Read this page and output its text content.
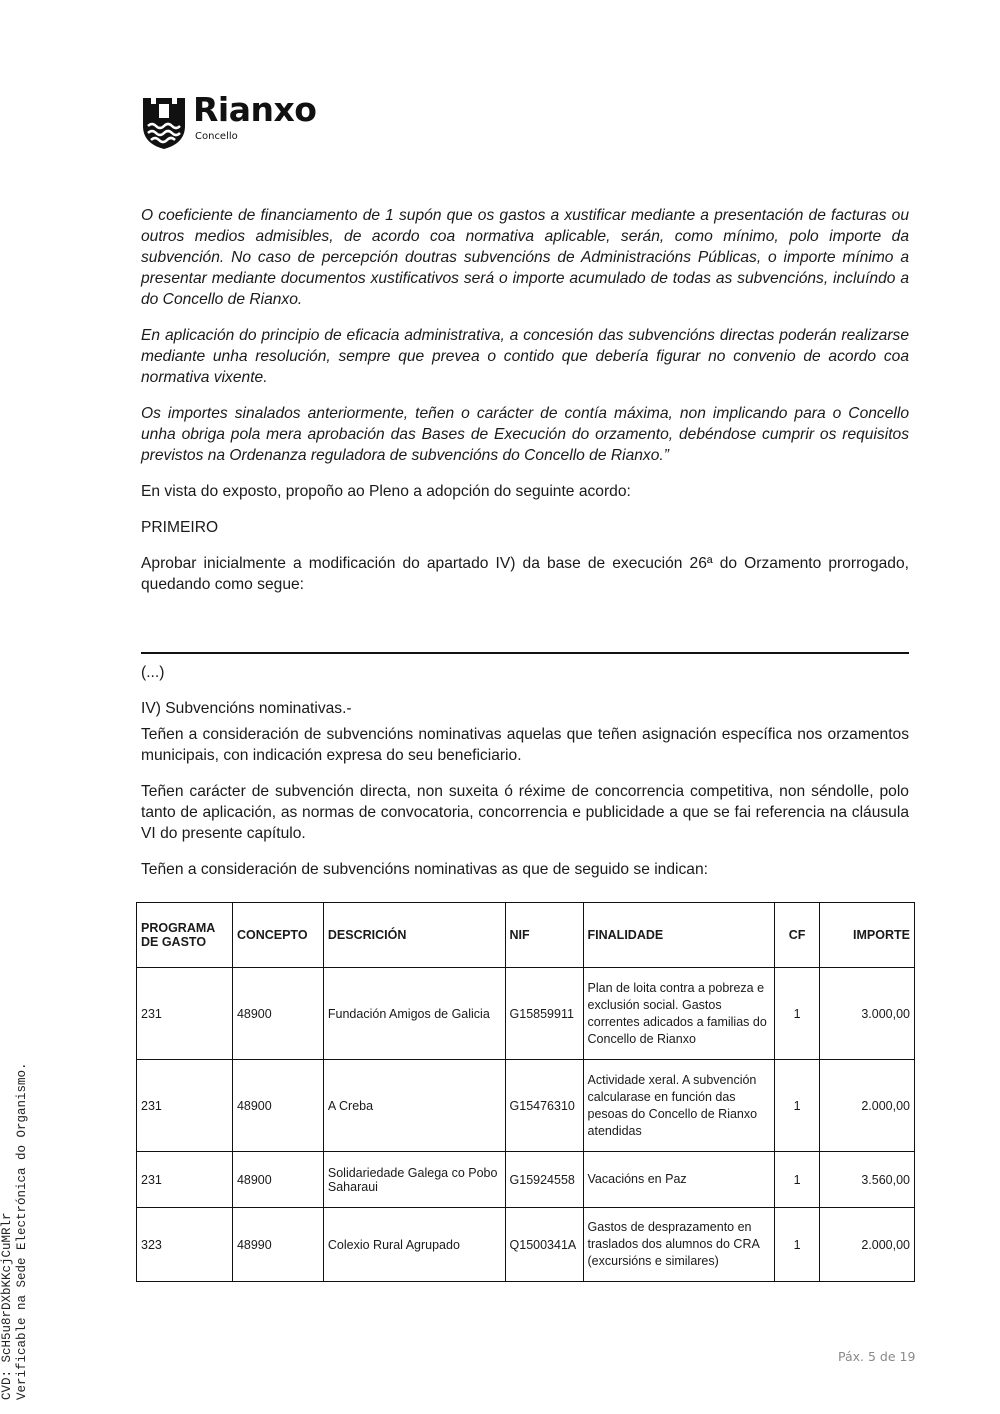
Rianxo
Concello

O coeficiente de financiamento de 1 supón que os gastos a xustificar mediante a presentación de facturas ou outros medios admisibles, de acordo coa normativa aplicable, serán, como mínimo, polo importe da subvención. No caso de percepción doutras subvencións de Administracións Públicas, o importe mínimo a presentar mediante documentos xustificativos será o importe acumulado de todas as subvencións, incluíndo a do Concello de Rianxo.

En aplicación do principio de eficacia administrativa, a concesión das subvencións directas poderán realizarse mediante unha resolución, sempre que prevea o contido que debería figurar no convenio de acordo coa normativa vixente.

Os importes sinalados anteriormente, teñen o carácter de contía máxima, non implicando para o Concello unha obriga pola mera aprobación das Bases de Execución do orzamento, debéndose cumprir os requisitos previstos na Ordenanza reguladora de subvencións do Concello de Rianxo.”

En vista do exposto, propoño ao Pleno a adopción do seguinte acordo:

PRIMEIRO

Aprobar inicialmente a modificación do apartado IV) da base de execución 26ª do Orzamento prorrogado, quedando como segue:

(...)

IV) Subvencións nominativas.-

Teñen a consideración de subvencións nominativas aquelas que teñen asignación específica nos orzamentos municipais, con indicación expresa do seu beneficiario.

Teñen carácter de subvención directa, non suxeita ó réxime de concorrencia competitiva, non séndolle, polo tanto de aplicación, as normas de convocatoria, concorrencia e publicidade a que se fai referencia na cláusula VI do presente capítulo.

Teñen a consideración de subvencións nominativas as que de seguido se indican:

PROGRAMA DE GASTO	CONCEPTO	DESCRICIÓN	NIF	FINALIDADE	CF	IMPORTE
231	48900	Fundación Amigos de Galicia	G15859911	Plan de loita contra a pobreza e exclusión social. Gastos correntes adicados a familias do Concello de Rianxo	1	3.000,00
231	48900	A Creba	G15476310	Actividade xeral. A subvención calcularase en función das pesoas do Concello de Rianxo atendidas	1	2.000,00
231	48900	Solidariedade Galega co Pobo Saharaui	G15924558	Vacacións en Paz	1	3.560,00
323	48990	Colexio Rural Agrupado	Q1500341A	Gastos de desprazamento en traslados dos alumnos do CRA (excursións e similares)	1	2.000,00
Páx. 5 de 19
CVD: ScH5u8rDXbKKcjCuMRlr Verificable na Sede Electrónica do Organismo.
